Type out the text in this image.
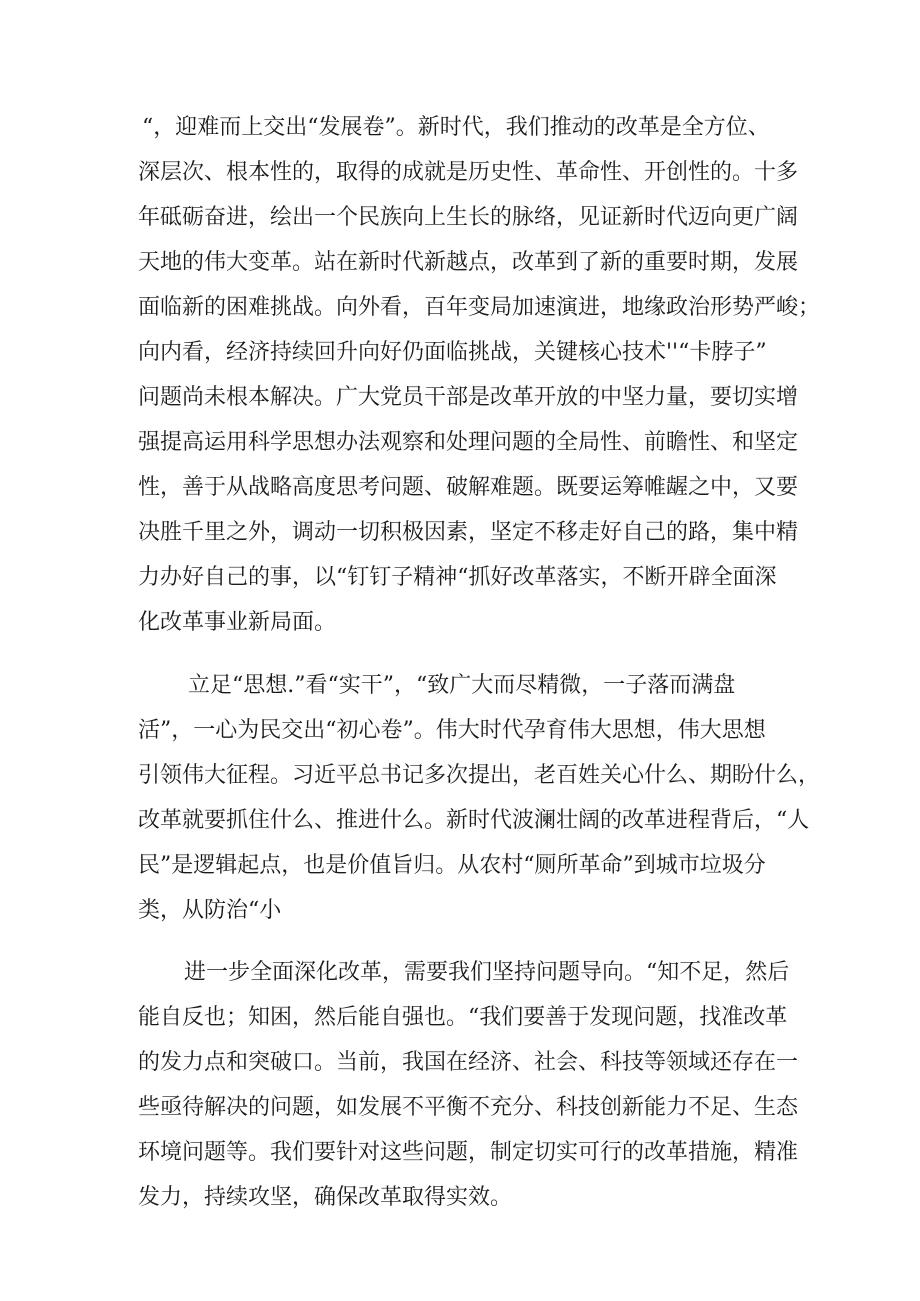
“，迎难而上交出“发展卷”。新时代，我们推动的改革是全方位、
深层次、根本性的，取得的成就是历史性、革命性、开创性的。十多
年砥砺奋进，绘出一个民族向上生长的脉络，见证新时代迈向更广阔
天地的伟大变革。站在新时代新越点，改革到了新的重要时期，发展
面临新的困难挑战。向外看，百年变局加速演进，地缘政治形势严峻；
向内看，经济持续回升向好仍面临挑战，关键核心技术''“卡脖子”
问题尚未根本解决。广大党员干部是改革开放的中坚力量，要切实增
强提高运用科学思想办法观察和处理问题的全局性、前瞻性、和坚定
性，善于从战略高度思考问题、破解难题。既要运筹帷龌之中，又要
决胜千里之外，调动一切积极因素，坚定不移走好自己的路，集中精
力办好自己的事，以“钉钉子精神“抓好改革落实，不断开辟全面深
化改革事业新局面。
立足“思想.”看“实干”，“致广大而尽精微，一子落而满盘
活”，一心为民交出“初心卷”。伟大时代孕育伟大思想，伟大思想
引领伟大征程。习近平总书记多次提出，老百姓关心什么、期盼什么，
改革就要抓住什么、推进什么。新时代波澜壮阔的改革进程背后，“人
民”是逻辑起点，也是价值旨归。从农村“厕所革命”到城市垃圾分
类，从防治“小
进一步全面深化改革，需要我们坚持问题导向。“知不足，然后
能自反也；知困，然后能自强也。“我们要善于发现问题，找准改革
的发力点和突破口。当前，我国在经济、社会、科技等领域还存在一
些亟待解决的问题，如发展不平衡不充分、科技创新能力不足、生态
环境问题等。我们要针对这些问题，制定切实可行的改革措施，精准
发力，持续攻坚，确保改革取得实效。
